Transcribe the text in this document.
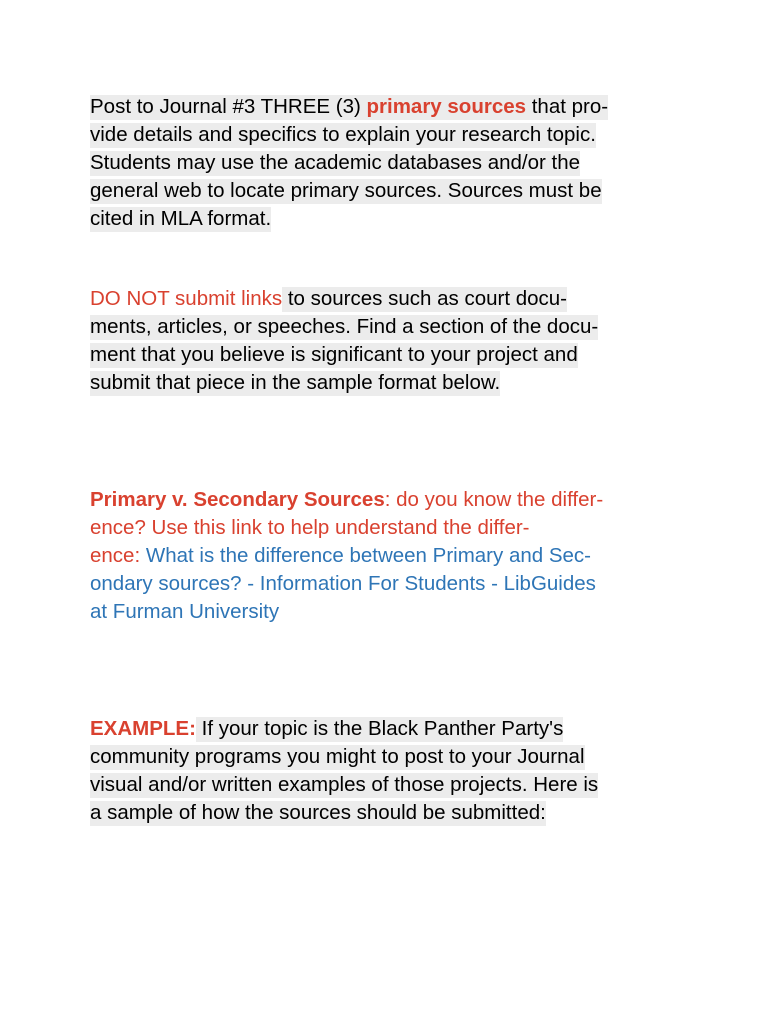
Post to Journal #3 THREE (3) primary sources that pro-
vide details and specifics to explain your research topic.
Students may use the academic databases and/or the
general web to locate primary sources. Sources must be
cited in MLA format.

DO NOT submit links to sources such as court docu-
ments, articles, or speeches. Find a section of the docu-
ment that you believe is significant to your project and
submit that piece in the sample format below.

Primary v. Secondary Sources: do you know the differ-
ence? Use this link to help understand the differ-
ence: What is the difference between Primary and Sec-
ondary sources? - Information For Students - LibGuides
at Furman University

EXAMPLE: If your topic is the Black Panther Party's
community programs you might to post to your Journal
visual and/or written examples of those projects. Here is
a sample of how the sources should be submitted:
